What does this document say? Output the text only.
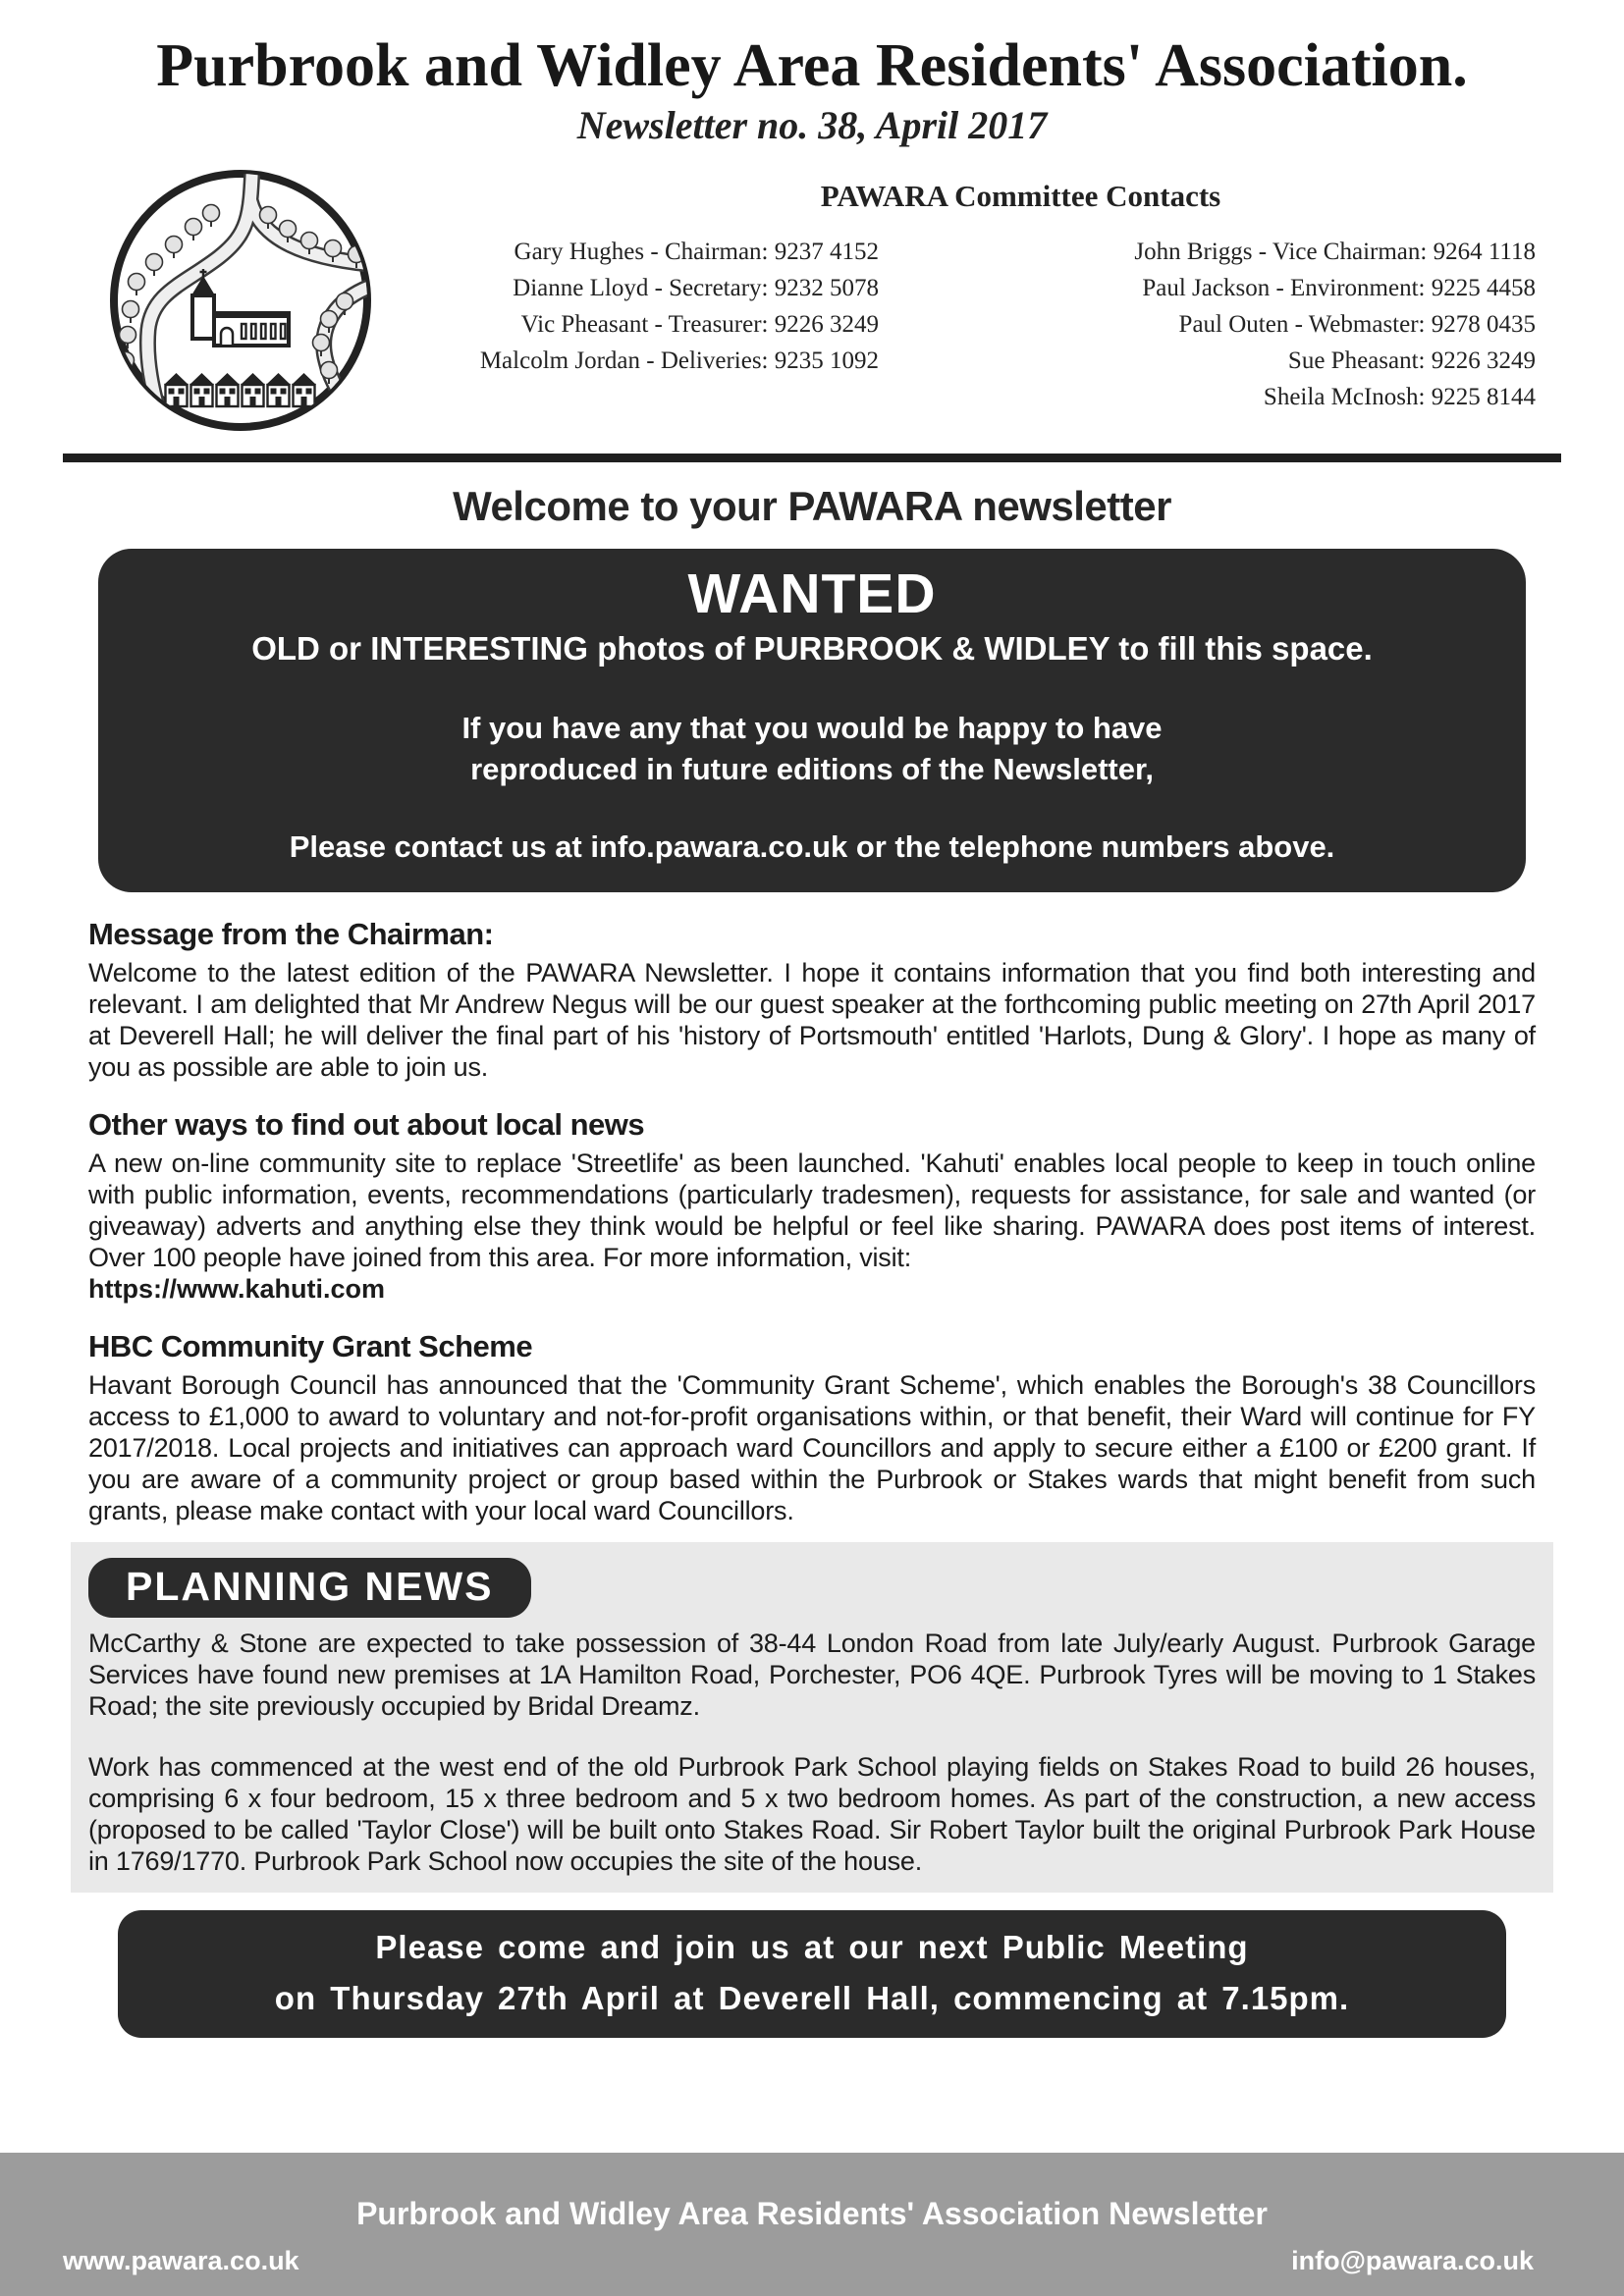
Purbrook and Widley Area Residents' Association.
Newsletter no. 38, April 2017
PAWARA Committee Contacts
Gary Hughes - Chairman: 9237 4152
Dianne Lloyd - Secretary: 9232 5078
Vic Pheasant - Treasurer: 9226 3249
Malcolm Jordan - Deliveries: 9235 1092
John Briggs - Vice Chairman: 9264 1118
Paul Jackson - Environment: 9225 4458
Paul Outen - Webmaster: 9278 0435
Sue Pheasant: 9226 3249
Sheila McInosh: 9225 8144
Welcome to your PAWARA newsletter
WANTED
OLD or INTERESTING photos of PURBROOK & WIDLEY to fill this space.
If you have any that you would be happy to have
reproduced in future editions of the Newsletter,
Please contact us at info.pawara.co.uk or the telephone numbers above.
Message from the Chairman:

Welcome to the latest edition of the PAWARA Newsletter. I hope it contains information that you find both interesting and relevant. I am delighted that Mr Andrew Negus will be our guest speaker at the forthcoming public meeting on 27th April 2017 at Deverell Hall; he will deliver the final part of his 'history of Portsmouth' entitled 'Harlots, Dung & Glory'. I hope as many of you as possible are able to join us.

Other ways to find out about local news

A new on-line community site to replace 'Streetlife' as been launched. 'Kahuti' enables local people to keep in touch online with public information, events, recommendations (particularly tradesmen), requests for assistance, for sale and wanted (or giveaway) adverts and anything else they think would be helpful or feel like sharing. PAWARA does post items of interest. Over 100 people have joined from this area. For more information, visit:

https://www.kahuti.com
HBC Community Grant Scheme

Havant Borough Council has announced that the 'Community Grant Scheme', which enables the Borough's 38 Councillors access to £1,000 to award to voluntary and not-for-profit organisations within, or that benefit, their Ward will continue for FY 2017/2018. Local projects and initiatives can approach ward Councillors and apply to secure either a £100 or £200 grant. If you are aware of a community project or group based within the Purbrook or Stakes wards that might benefit from such grants, please make contact with your local ward Councillors.

PLANNING NEWS

McCarthy & Stone are expected to take possession of 38-44 London Road from late July/early August. Purbrook Garage Services have found new premises at 1A Hamilton Road, Porchester, PO6 4QE. Purbrook Tyres will be moving to 1 Stakes Road; the site previously occupied by Bridal Dreamz.

Work has commenced at the west end of the old Purbrook Park School playing fields on Stakes Road to build 26 houses, comprising 6 x four bedroom, 15 x three bedroom and 5 x two bedroom homes. As part of the construction, a new access (proposed to be called 'Taylor Close') will be built onto Stakes Road. Sir Robert Taylor built the original Purbrook Park House in 1769/1770. Purbrook Park School now occupies the site of the house.

Please come and join us at our next Public Meeting
on Thursday 27th April at Deverell Hall, commencing at 7.15pm.
Purbrook and Widley Area Residents' Association Newsletter
www.pawara.co.uk	info@pawara.co.uk
